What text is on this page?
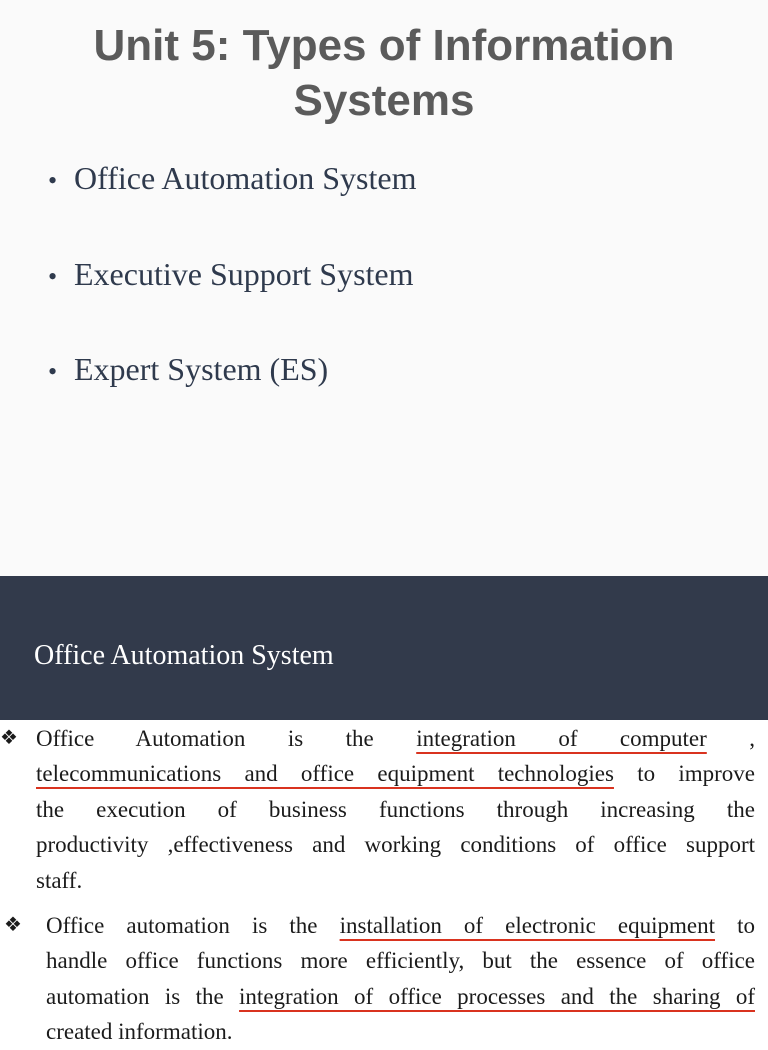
Unit 5: Types of Information
Systems
• Office Automation System
• Executive Support System
• Expert System (ES)
Office Automation System
❖ Office Automation is the integration of computer ,
telecommunications and office equipment technologies to improve
the execution of business functions through increasing the
productivity ,effectiveness and working conditions of office support
staff.
❖ Office automation is the installation of electronic equipment to
handle office functions more efficiently, but the essence of office
automation is the integration of office processes and the sharing of
created information.
